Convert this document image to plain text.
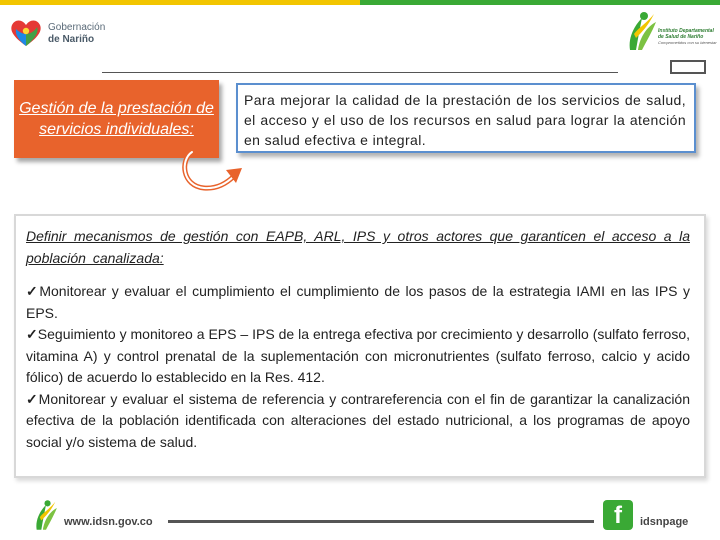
Gobernación
de Nariño
Instituto Departamental de Salud de Nariño
Comprometidos con su bienestar
Gestión de la prestación de servicios individuales:
Para mejorar la calidad de la prestación de los servicios de salud, el acceso y el uso de los recursos en salud para lograr la atención en salud efectiva e integral.
Definir mecanismos de gestión con EAPB, ARL, IPS y otros actores que garanticen el acceso a la población canalizada:

✓Monitorear y evaluar el cumplimiento el cumplimiento de los pasos de la estrategia IAMI en las IPS y EPS.

✓Seguimiento y monitoreo a EPS – IPS de la entrega efectiva por crecimiento y desarrollo (sulfato ferroso, vitamina A) y control prenatal de la suplementación con micronutrientes (sulfato ferroso, calcio y acido fólico) de acuerdo lo establecido en la Res. 412.

✓Monitorear y evaluar el sistema de referencia y contrareferencia con el fin de garantizar la canalización efectiva de la población identificada con alteraciones del estado nutricional, a los programas de apoyo social y/o sistema de salud.

www.idsn.gov.co	f	idsnpage
